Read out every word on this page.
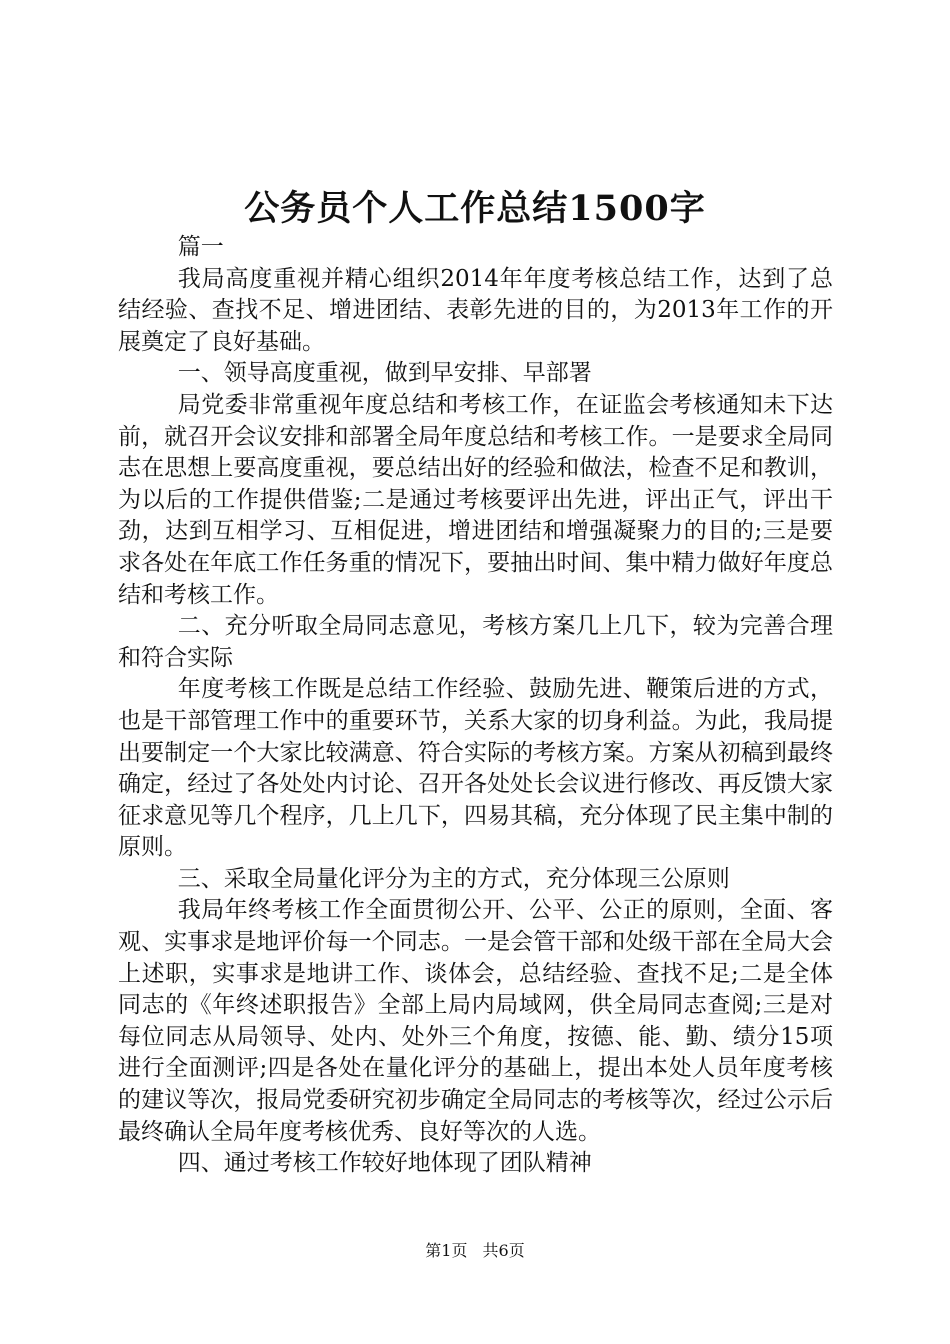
公务员个人工作总结1500字

篇一

我局高度重视并精心组织2014年年度考核总结工作，达到了总结经验、查找不足、增进团结、表彰先进的目的，为2013年工作的开展奠定了良好基础。

一、领导高度重视，做到早安排、早部署

局党委非常重视年度总结和考核工作，在证监会考核通知未下达前，就召开会议安排和部署全局年度总结和考核工作。一是要求全局同志在思想上要高度重视，要总结出好的经验和做法，检查不足和教训，为以后的工作提供借鉴;二是通过考核要评出先进，评出正气，评出干劲，达到互相学习、互相促进，增进团结和增强凝聚力的目的;三是要求各处在年底工作任务重的情况下，要抽出时间、集中精力做好年度总结和考核工作。

二、充分听取全局同志意见，考核方案几上几下，较为完善合理和符合实际

年度考核工作既是总结工作经验、鼓励先进、鞭策后进的方式，也是干部管理工作中的重要环节，关系大家的切身利益。为此，我局提出要制定一个大家比较满意、符合实际的考核方案。方案从初稿到最终确定，经过了各处处内讨论、召开各处处长会议进行修改、再反馈大家征求意见等几个程序，几上几下，四易其稿，充分体现了民主集中制的原则。

三、采取全局量化评分为主的方式，充分体现三公原则

我局年终考核工作全面贯彻公开、公平、公正的原则，全面、客观、实事求是地评价每一个同志。一是会管干部和处级干部在全局大会上述职，实事求是地讲工作、谈体会，总结经验、查找不足;二是全体同志的《年终述职报告》全部上局内局域网，供全局同志查阅;三是对每位同志从局领导、处内、处外三个角度，按德、能、勤、绩分15项进行全面测评;四是各处在量化评分的基础上，提出本处人员年度考核的建议等次，报局党委研究初步确定全局同志的考核等次，经过公示后最终确认全局年度考核优秀、良好等次的人选。

四、通过考核工作较好地体现了团队精神

第1页 共6页
